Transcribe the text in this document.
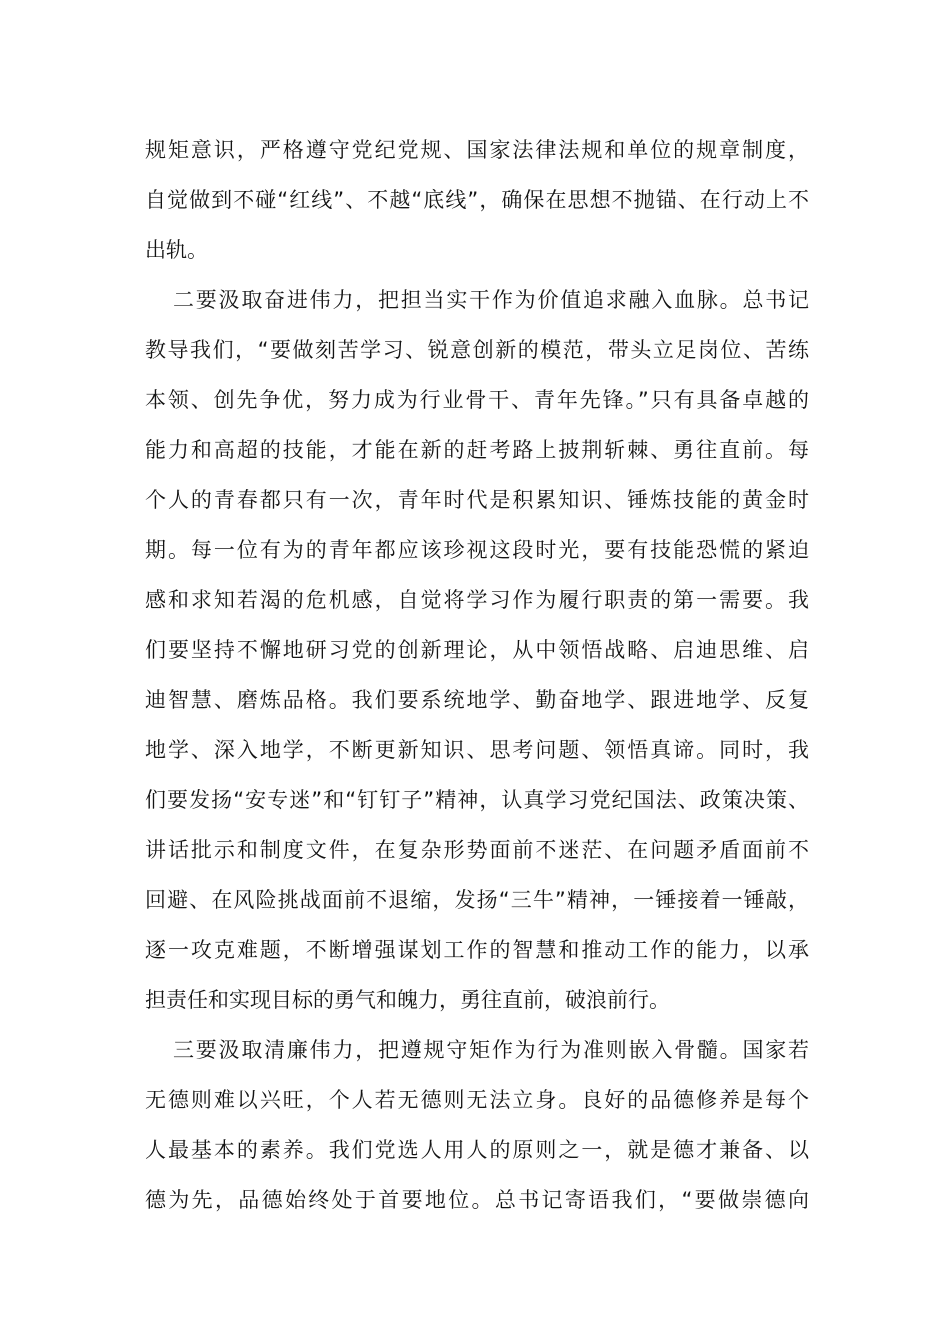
规矩意识，严格遵守党纪党规、国家法律法规和单位的规章制度，
自觉做到不碰“红线”、不越“底线”，确保在思想不抛锚、在行动上不
出轨。
二要汲取奋进伟力，把担当实干作为价值追求融入血脉。总书记
教导我们，“要做刻苦学习、锐意创新的模范，带头立足岗位、苦练
本领、创先争优，努力成为行业骨干、青年先锋。”只有具备卓越的
能力和高超的技能，才能在新的赶考路上披荆斩棘、勇往直前。每
个人的青春都只有一次，青年时代是积累知识、锤炼技能的黄金时
期。每一位有为的青年都应该珍视这段时光，要有技能恐慌的紧迫
感和求知若渴的危机感，自觉将学习作为履行职责的第一需要。我
们要坚持不懈地研习党的创新理论，从中领悟战略、启迪思维、启
迪智慧、磨炼品格。我们要系统地学、勤奋地学、跟进地学、反复
地学、深入地学，不断更新知识、思考问题、领悟真谛。同时，我
们要发扬“安专迷”和“钉钉子”精神，认真学习党纪国法、政策决策、
讲话批示和制度文件，在复杂形势面前不迷茫、在问题矛盾面前不
回避、在风险挑战面前不退缩，发扬“三牛”精神，一锤接着一锤敲，
逐一攻克难题，不断增强谋划工作的智慧和推动工作的能力，以承
担责任和实现目标的勇气和魄力，勇往直前，破浪前行。
三要汲取清廉伟力，把遵规守矩作为行为准则嵌入骨髓。国家若
无德则难以兴旺，个人若无德则无法立身。良好的品德修养是每个
人最基本的素养。我们党选人用人的原则之一，就是德才兼备、以
德为先，品德始终处于首要地位。总书记寄语我们，“要做崇德向
